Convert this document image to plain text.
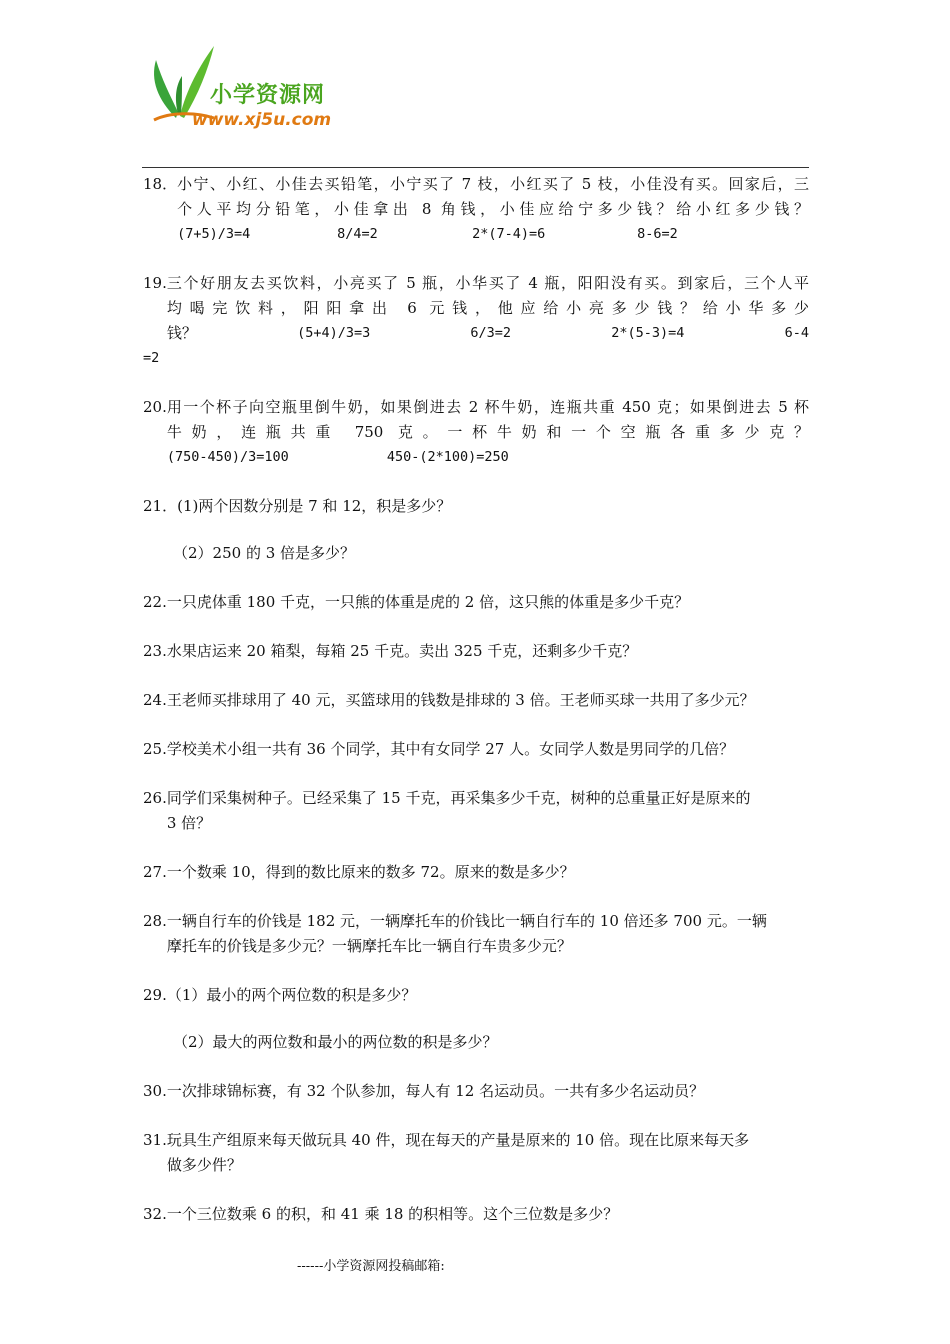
小学资源网
www.xj5u.com
18． 小宁、小红、小佳去买铅笔，小宁买了 7 枝，小红买了 5 枝，小佳没有买。回家后，三
个人平均分铅笔，小佳拿出 8 角钱，小佳应给宁多少钱？给小红多少钱？
(7+5)/3=4	8/4=2	2*(7-4)=6	8-6=2
19. 三个好朋友去买饮料，小亮买了 5 瓶，小华买了 4 瓶，阳阳没有买。到家后，三个人平
均喝完饮料，阳阳拿出 6 元钱，他应给小亮多少钱？给小华多少
钱？	(5+4)/3=3	6/3=2	2*(5-3)=4	6-4
=2
20. 用一个杯子向空瓶里倒牛奶，如果倒进去 2 杯牛奶，连瓶共重 450 克；如果倒进去 5 杯
牛奶，连瓶共重 750 克。一杯牛奶和一个空瓶各重多少克？
(750-450)/3=100	450-(2*100)=250
21． (1)两个因数分别是 7 和 12，积是多少？
（2）250 的 3 倍是多少？
22. 一只虎体重 180 千克，一只熊的体重是虎的 2 倍，这只熊的体重是多少千克？
23. 水果店运来 20 箱梨，每箱 25 千克。卖出 325 千克，还剩多少千克？
24. 王老师买排球用了 40 元，买篮球用的钱数是排球的 3 倍。王老师买球一共用了多少元？
25. 学校美术小组一共有 36 个同学，其中有女同学 27 人。女同学人数是男同学的几倍？
26. 同学们采集树种子。已经采集了 15 千克，再采集多少千克，树种的总重量正好是原来的
3 倍？
27. 一个数乘 10，得到的数比原来的数多 72。原来的数是多少？
28. 一辆自行车的价钱是 182 元，一辆摩托车的价钱比一辆自行车的 10 倍还多 700 元。一辆
摩托车的价钱是多少元？一辆摩托车比一辆自行车贵多少元？
29. （1）最小的两个两位数的积是多少？
（2）最大的两位数和最小的两位数的积是多少？
30. 一次排球锦标赛，有 32 个队参加，每人有 12 名运动员。一共有多少名运动员？
31. 玩具生产组原来每天做玩具 40 件，现在每天的产量是原来的 10 倍。现在比原来每天多
做多少件？
32. 一个三位数乘 6 的积，和 41 乘 18 的积相等。这个三位数是多少？
------小学资源网投稿邮箱:
